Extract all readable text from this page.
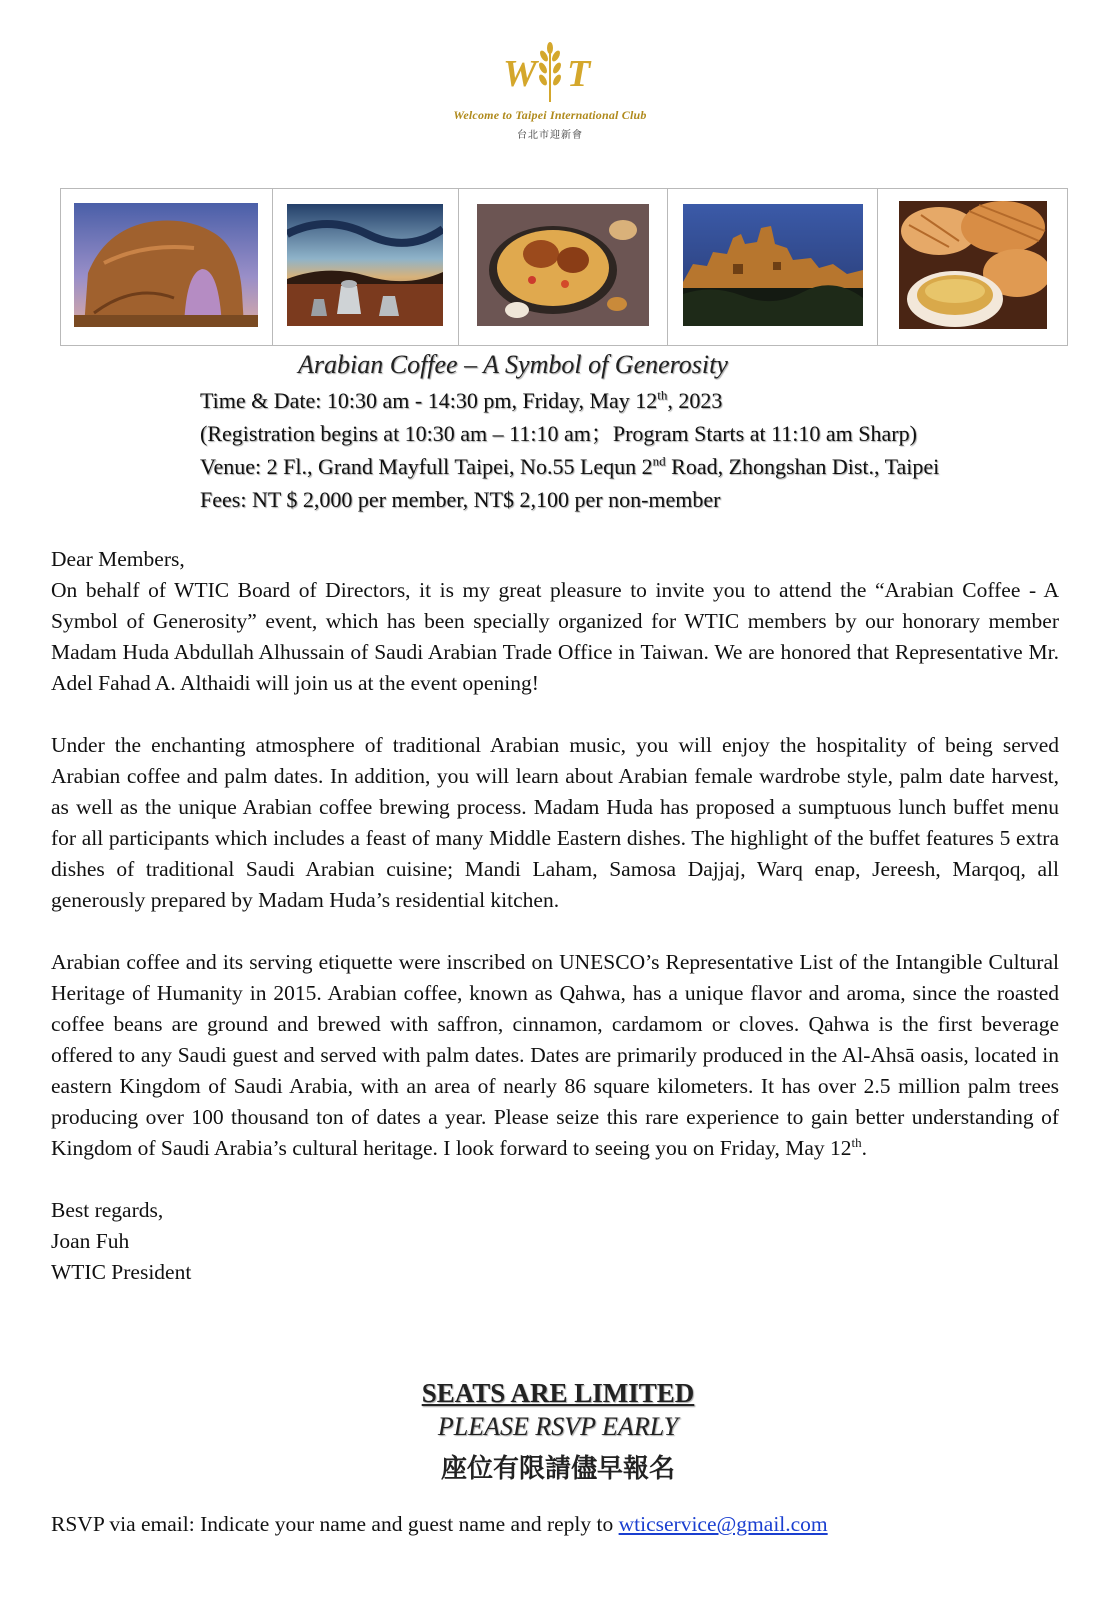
W T
Welcome to Taipei International Club
台北市迎新會

Arabian Coffee – A Symbol of Generosity
Time & Date: 10:30 am - 14:30 pm, Friday, May 12th, 2023
(Registration begins at 10:30 am – 11:10 am；Program Starts at 11:10 am Sharp)
Venue: 2 Fl., Grand Mayfull Taipei, No.55 Lequn 2nd Road, Zhongshan Dist., Taipei
Fees: NT $ 2,000 per member, NT$ 2,100 per non-member

Dear Members,

On behalf of WTIC Board of Directors, it is my great pleasure to invite you to attend the “Arabian Coffee - A Symbol of Generosity” event, which has been specially organized for WTIC members by our honorary member Madam Huda Abdullah Alhussain of Saudi Arabian Trade Office in Taiwan. We are honored that Representative Mr. Adel Fahad A. Althaidi will join us at the event opening!

Under the enchanting atmosphere of traditional Arabian music, you will enjoy the hospitality of being served Arabian coffee and palm dates. In addition, you will learn about Arabian female wardrobe style, palm date harvest, as well as the unique Arabian coffee brewing process. Madam Huda has proposed a sumptuous lunch buffet menu for all participants which includes a feast of many Middle Eastern dishes. The highlight of the buffet features 5 extra dishes of traditional Saudi Arabian cuisine; Mandi Laham, Samosa Dajjaj, Warq enap, Jereesh, Marqoq, all generously prepared by Madam Huda’s residential kitchen.

Arabian coffee and its serving etiquette were inscribed on UNESCO’s Representative List of the Intangible Cultural Heritage of Humanity in 2015. Arabian coffee, known as Qahwa, has a unique flavor and aroma, since the roasted coffee beans are ground and brewed with saffron, cinnamon, cardamom or cloves. Qahwa is the first beverage offered to any Saudi guest and served with palm dates. Dates are primarily produced in the Al-Ahsā oasis, located in eastern Kingdom of Saudi Arabia, with an area of nearly 86 square kilometers. It has over 2.5 million palm trees producing over 100 thousand ton of dates a year. Please seize this rare experience to gain better understanding of Kingdom of Saudi Arabia’s cultural heritage. I look forward to seeing you on Friday, May 12th.

Best regards,
Joan Fuh
WTIC President
SEATS ARE LIMITED
PLEASE RSVP EARLY
座位有限請儘早報名
RSVP via email: Indicate your name and guest name and reply to wticservice@gmail.com
